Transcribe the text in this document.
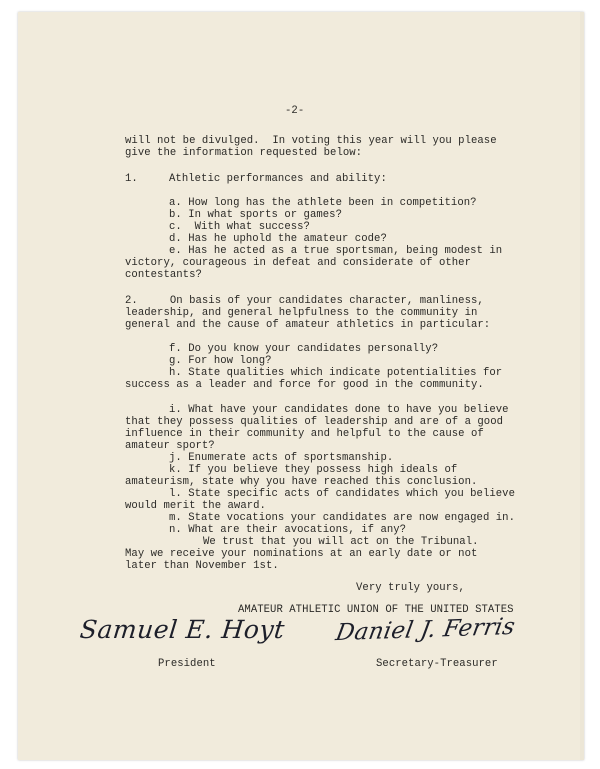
-2-
will not be divulged.  In voting this year will you please
give the information requested below:
1.	Athletic performances and ability:
a. How long has the athlete been in competition?
b. In what sports or games?
c.  With what success?
d. Has he uphold the amateur code?
e. Has he acted as a true sportsman, being modest in
victory, courageous in defeat and considerate of other
contestants?
2.     On basis of your candidates character, manliness,
leadership, and general helpfulness to the community in
general and the cause of amateur athletics in particular:
f. Do you know your candidates personally?
g. For how long?
h. State qualities which indicate potentialities for
success as a leader and force for good in the community.
i. What have your candidates done to have you believe
that they possess qualities of leadership and are of a good
influence in their community and helpful to the cause of
amateur sport?
j. Enumerate acts of sportsmanship.
k. If you believe they possess high ideals of
amateurism, state why you have reached this conclusion.
l. State specific acts of candidates which you believe
would merit the award.
m. State vocations your candidates are now engaged in.
n. What are their avocations, if any?
We trust that you will act on the Tribunal.
May we receive your nominations at an early date or not
later than November 1st.
Very truly yours,
AMATEUR ATHLETIC UNION OF THE UNITED STATES
Samuel E. Hoyt Daniel J. Ferris
President	Secretary-Treasurer
